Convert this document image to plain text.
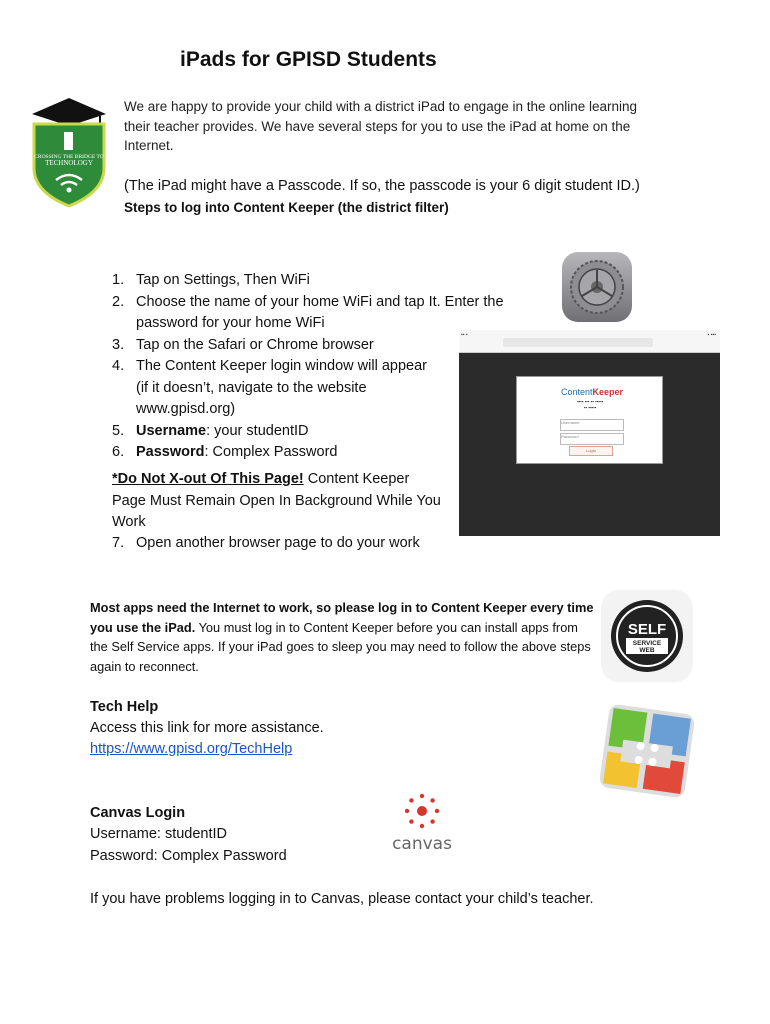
iPads for GPISD Students
CROSSING THE BRIDGE TO
TECHNOLOGY
We are happy to provide your child with a district iPad to engage in the online learning their teacher provides. We have several steps for you to use the iPad at home on the Internet.
(The iPad might have a Passcode. If so, the passcode is your 6 digit student ID.)
Steps to log into Content Keeper (the district filter)
1. Tap on Settings, Then WiFi
2. Choose the name of your home WiFi and tap It. Enter the password for your home WiFi
3. Tap on the Safari or Chrome browser
4. The Content Keeper login window will appear (if it doesn’t, navigate to the website www.gpisd.org)
5. Username: your studentID
6. Password: Complex Password
*Do Not X-out Of This Page! Content Keeper Page Must Remain Open In Background While You Work
7. Open another browser page to do your work
▪▪ ▪	▪ ▪▪▪
ContentKeeper
▪▪▪▪ ▪▪▪ ▪▪ ▪▪▪▪▪
▪▪ ▪▪▪▪▪
Username
Password
Login
Most apps need the Internet to work, so please log in to Content Keeper every time you use the iPad. You must log in to Content Keeper before you can install apps from the Self Service apps. If your iPad goes to sleep you may need to follow the above steps again to reconnect.
SELF
SERVICE
WEB
Tech Help
Access this link for more assistance.
https://www.gpisd.org/TechHelp
Canvas Login
Username: studentID
Password: Complex Password
canvas
If you have problems logging in to Canvas, please contact your child’s teacher.
